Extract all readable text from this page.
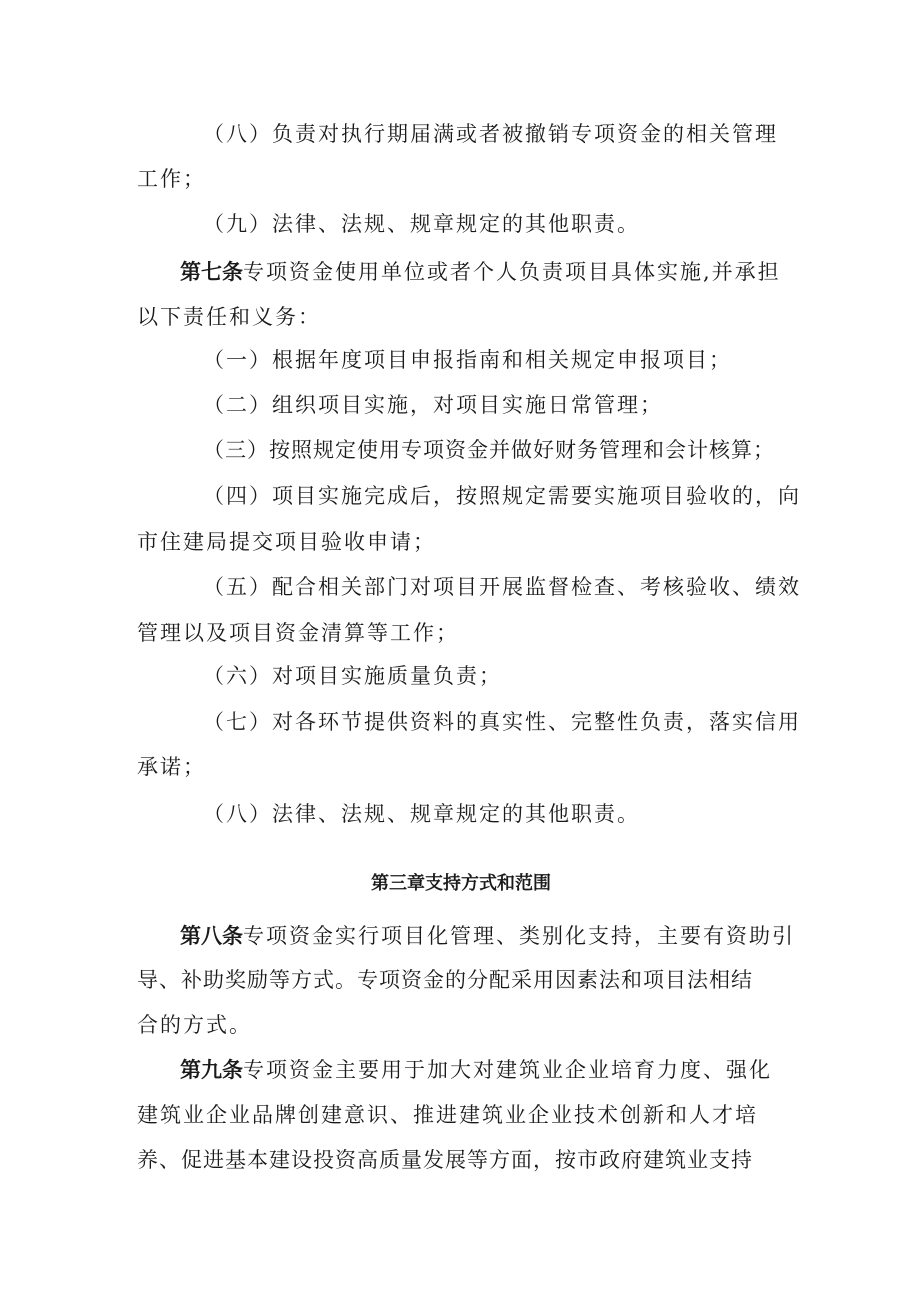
（八）负责对执行期届满或者被撤销专项资金的相关管理
工作；
（九）法律、法规、规章规定的其他职责。
第七条专项资金使用单位或者个人负责项目具体实施,并承担
以下责任和义务：
（一）根据年度项目申报指南和相关规定申报项目；
（二）组织项目实施，对项目实施日常管理；
（三）按照规定使用专项资金并做好财务管理和会计核算；
（四）项目实施完成后，按照规定需要实施项目验收的，向
市住建局提交项目验收申请；
（五）配合相关部门对项目开展监督检查、考核验收、绩效
管理以及项目资金清算等工作；
（六）对项目实施质量负责；
（七）对各环节提供资料的真实性、完整性负责，落实信用
承诺；
（八）法律、法规、规章规定的其他职责。
第三章支持方式和范围
第八条专项资金实行项目化管理、类别化支持，主要有资助引
导、补助奖励等方式。专项资金的分配采用因素法和项目法相结
合的方式。
第九条专项资金主要用于加大对建筑业企业培育力度、强化
建筑业企业品牌创建意识、推进建筑业企业技术创新和人才培
养、促进基本建设投资高质量发展等方面，按市政府建筑业支持
